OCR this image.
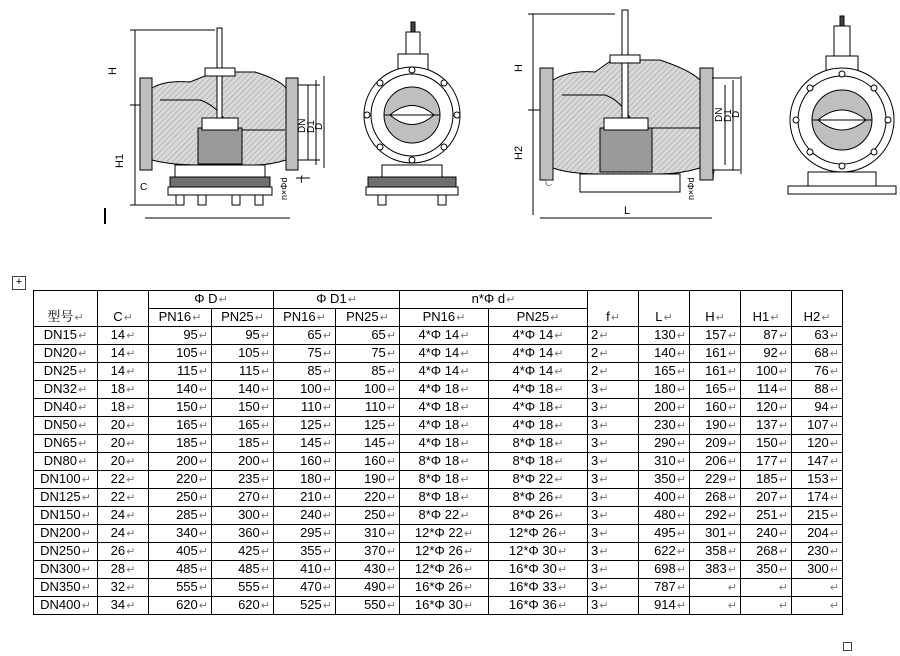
H
H1
C
DN
D1
D
n×Φd f
H
H2
C
L
DN
D1
D
n×Φd
f
+
型号↵	C↵	Φ D↵		Φ D1↵		n*Φ d↵		f↵	L↵	H↵	H1↵	H2↵
		PN16↵	PN25↵	PN16↵	PN25↵	PN16↵	PN25↵					
DN15↵	14↵	95↵	95↵	65↵	65↵	4*Φ 14↵	4*Φ 14↵	2↵	130↵	157↵	87↵	63↵
DN20↵	14↵	105↵	105↵	75↵	75↵	4*Φ 14↵	4*Φ 14↵	2↵	140↵	161↵	92↵	68↵
DN25↵	14↵	115↵	115↵	85↵	85↵	4*Φ 14↵	4*Φ 14↵	2↵	165↵	161↵	100↵	76↵
DN32↵	18↵	140↵	140↵	100↵	100↵	4*Φ 18↵	4*Φ 18↵	3↵	180↵	165↵	114↵	88↵
DN40↵	18↵	150↵	150↵	110↵	110↵	4*Φ 18↵	4*Φ 18↵	3↵	200↵	160↵	120↵	94↵
DN50↵	20↵	165↵	165↵	125↵	125↵	4*Φ 18↵	4*Φ 18↵	3↵	230↵	190↵	137↵	107↵
DN65↵	20↵	185↵	185↵	145↵	145↵	4*Φ 18↵	8*Φ 18↵	3↵	290↵	209↵	150↵	120↵
DN80↵	20↵	200↵	200↵	160↵	160↵	8*Φ 18↵	8*Φ 18↵	3↵	310↵	206↵	177↵	147↵
DN100↵	22↵	220↵	235↵	180↵	190↵	8*Φ 18↵	8*Φ 22↵	3↵	350↵	229↵	185↵	153↵
DN125↵	22↵	250↵	270↵	210↵	220↵	8*Φ 18↵	8*Φ 26↵	3↵	400↵	268↵	207↵	174↵
DN150↵	24↵	285↵	300↵	240↵	250↵	8*Φ 22↵	8*Φ 26↵	3↵	480↵	292↵	251↵	215↵
DN200↵	24↵	340↵	360↵	295↵	310↵	12*Φ 22↵	12*Φ 26↵	3↵	495↵	301↵	240↵	204↵
DN250↵	26↵	405↵	425↵	355↵	370↵	12*Φ 26↵	12*Φ 30↵	3↵	622↵	358↵	268↵	230↵
DN300↵	28↵	485↵	485↵	410↵	430↵	12*Φ 26↵	16*Φ 30↵	3↵	698↵	383↵	350↵	300↵
DN350↵	32↵	555↵	555↵	470↵	490↵	16*Φ 26↵	16*Φ 33↵	3↵	787↵	↵	↵	↵
DN400↵	34↵	620↵	620↵	525↵	550↵	16*Φ 30↵	16*Φ 36↵	3↵	914↵	↵	↵	↵
